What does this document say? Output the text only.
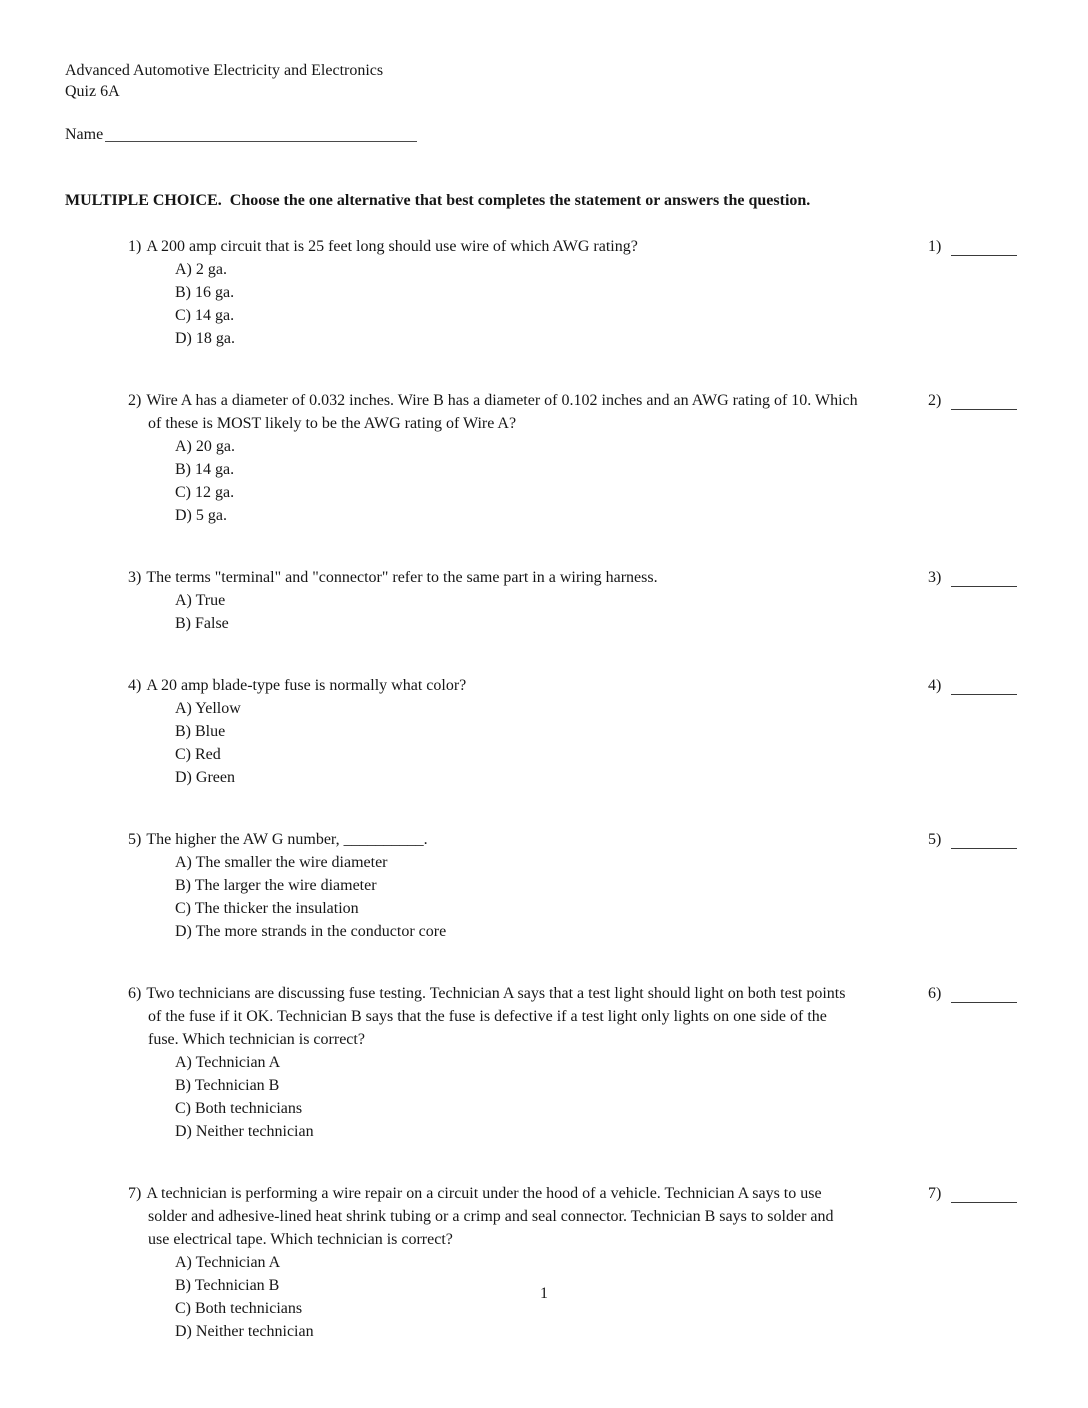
Advanced Automotive Electricity and Electronics
Quiz 6A
Name
MULTIPLE CHOICE.  Choose the one alternative that best completes the statement or answers the question.
1) A 200 amp circuit that is 25 feet long should use wire of which AWG rating?
A) 2 ga.
B) 16 ga.
C) 14 ga.
D) 18 ga.
1)
2) Wire A has a diameter of 0.032 inches. Wire B has a diameter of 0.102 inches and an AWG rating of 10. Which of these is MOST likely to be the AWG rating of Wire A?
A) 20 ga.
B) 14 ga.
C) 12 ga.
D) 5 ga.
2)
3) The terms "terminal" and "connector" refer to the same part in a wiring harness.
A) True
B) False
3)
4) A 20 amp blade-type fuse is normally what color?
A) Yellow
B) Blue
C) Red
D) Green
4)
5) The higher the AW G number, __________.
A) The smaller the wire diameter
B) The larger the wire diameter
C) The thicker the insulation
D) The more strands in the conductor core
5)
6) Two technicians are discussing fuse testing. Technician A says that a test light should light on both test points of the fuse if it OK. Technician B says that the fuse is defective if a test light only lights on one side of the fuse. Which technician is correct?
A) Technician A
B) Technician B
C) Both technicians
D) Neither technician
6)
7) A technician is performing a wire repair on a circuit under the hood of a vehicle. Technician A says to use solder and adhesive-lined heat shrink tubing or a crimp and seal connector. Technician B says to solder and use electrical tape. Which technician is correct?
A) Technician A
B) Technician B
C) Both technicians
D) Neither technician
7)
1
